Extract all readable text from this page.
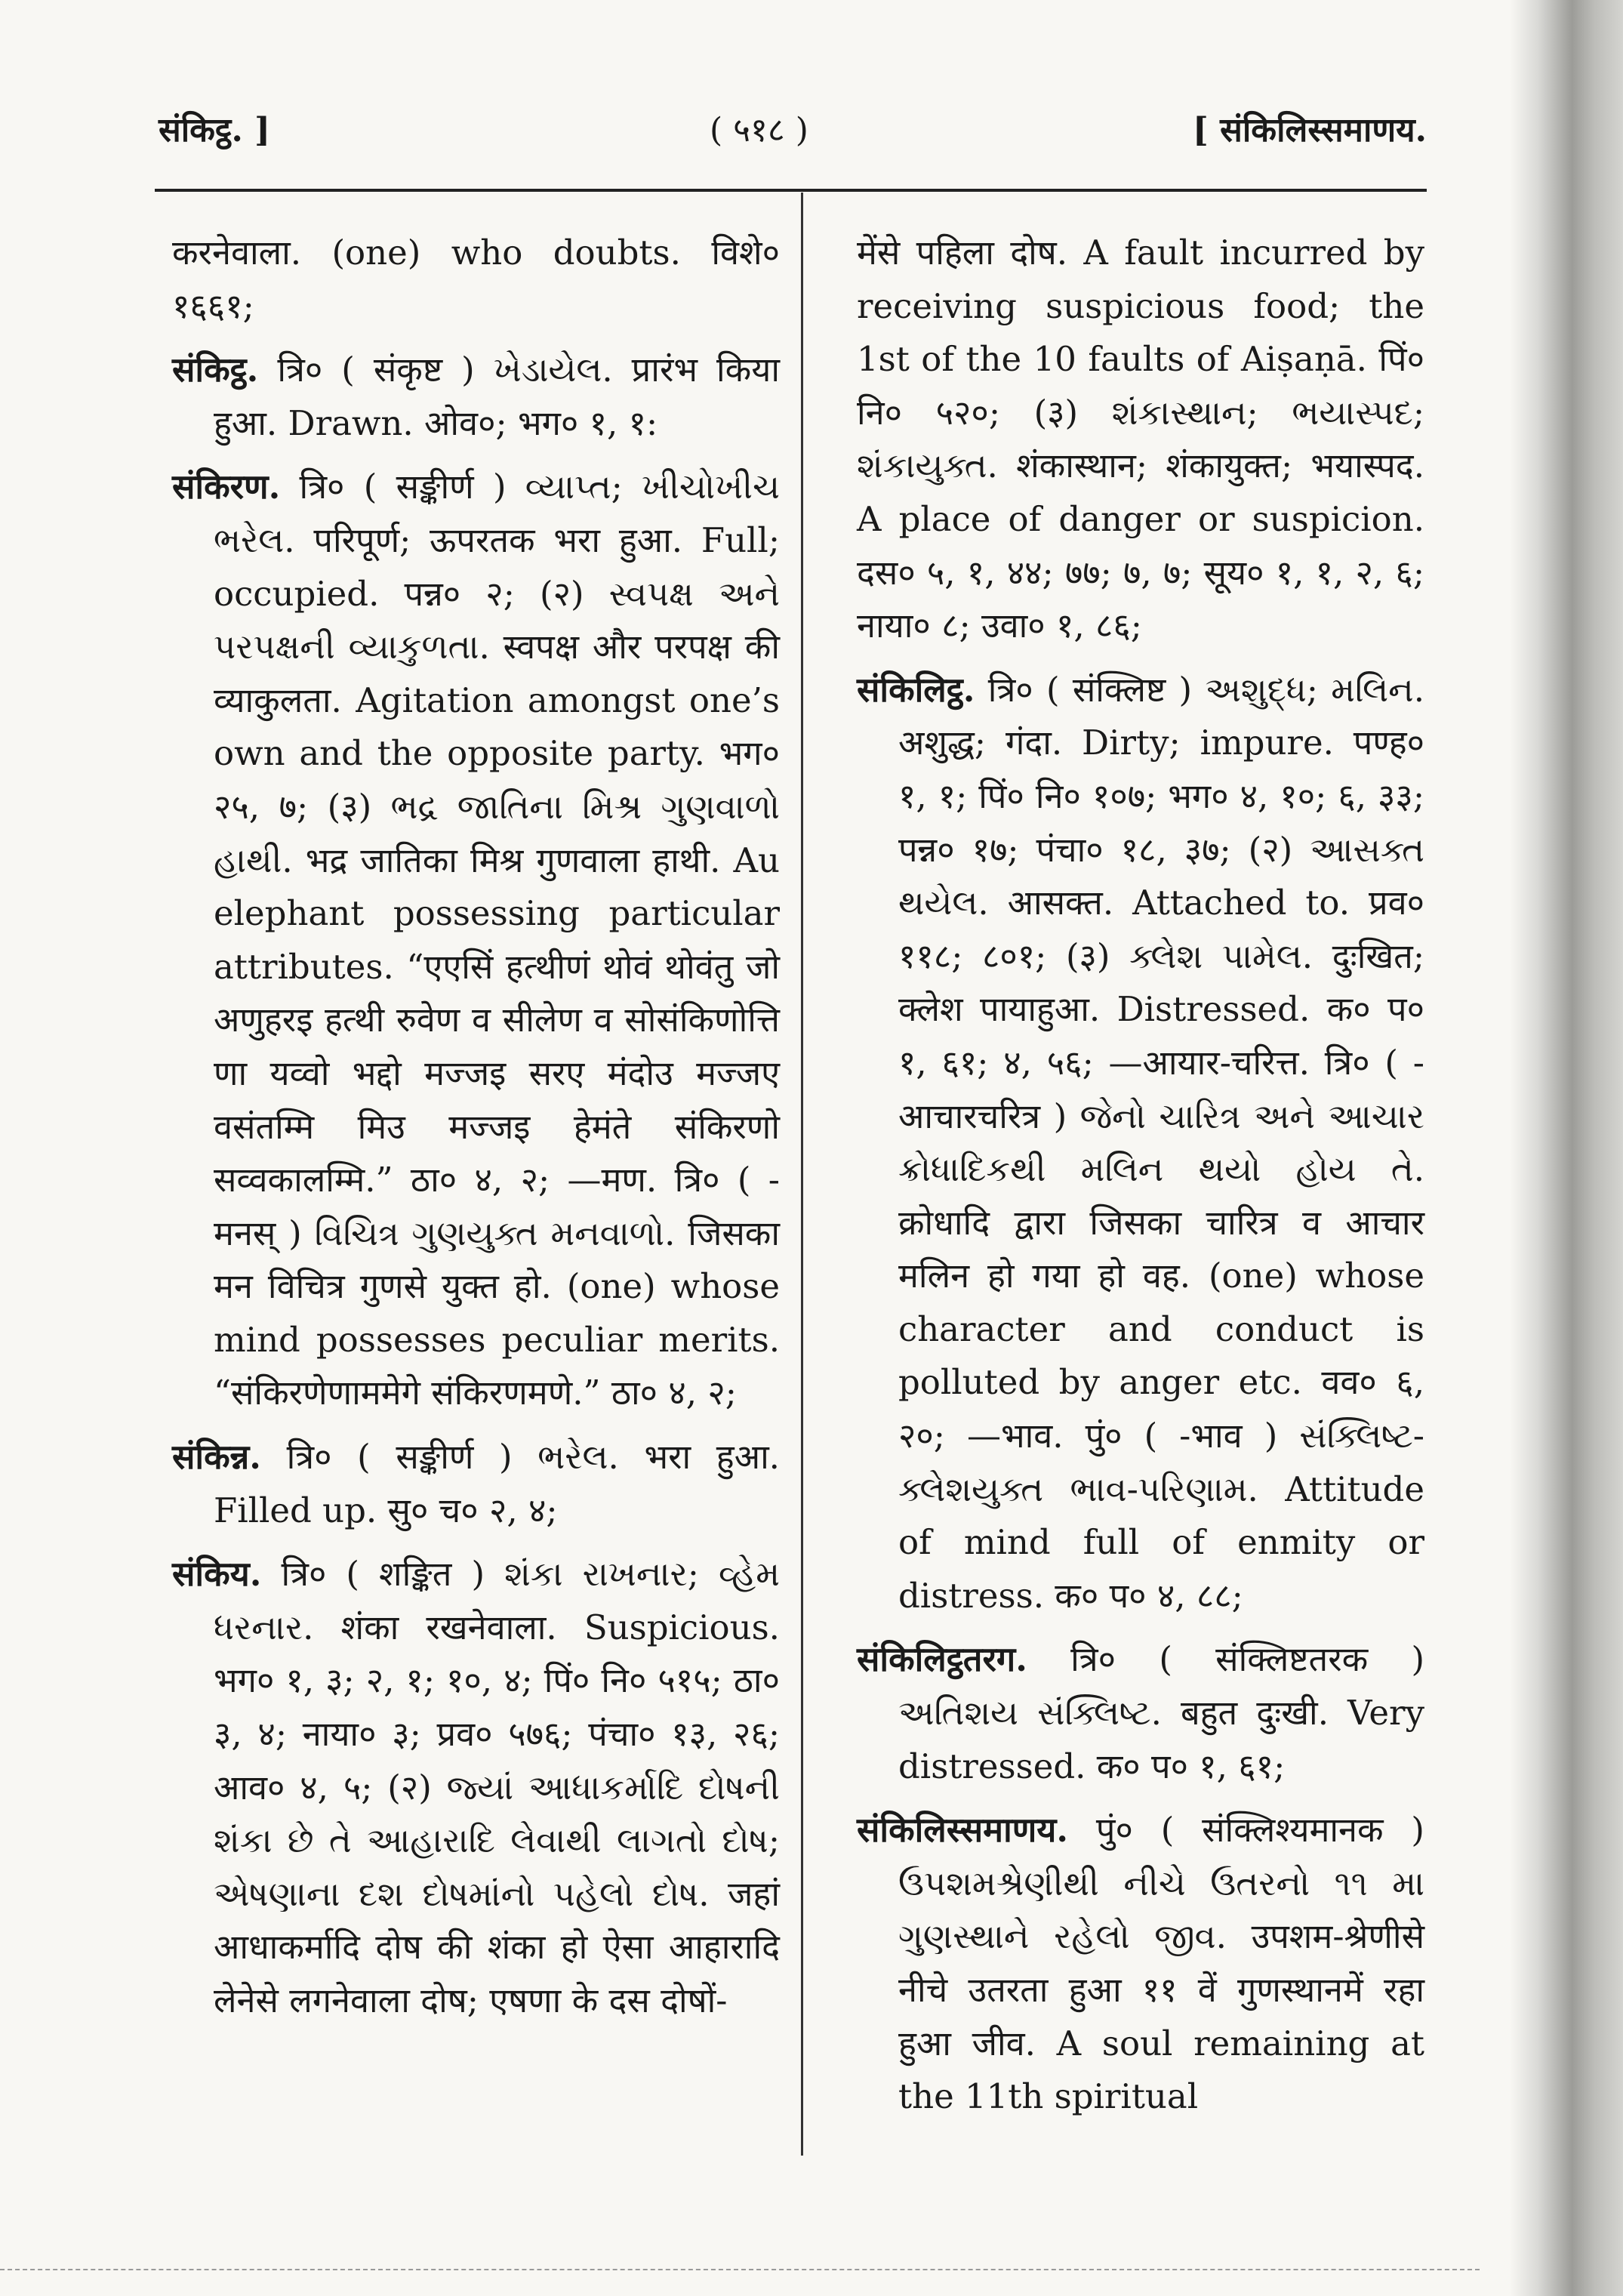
संकिट्ठ. ]	( ५१८ )	[ संकिलिस्समाणय.

करनेवाला. (one) who doubts. विशे० १६६१;

संकिट्ठ. त्रि० ( संकृष्ट ) ખેડાયેલ. प्रारंभ किया हुआ. Drawn. ओव०; भग० १, १:

संकिरण. त्रि० ( सङ्कीर्ण ) વ્યાપ્ત; ખીચોખીચ ભરેલ. परिपूर्ण; ऊपरतक भरा हुआ. Full; occupied. पन्न० २; (२) સ્વપક્ષ અને પરપક્ષની વ્યાકુળતા. स्वपक्ष और परपक्ष की व्याकुलता. Agitation amongst one’s own and the opposite party. भग० २५, ७; (३) ભદ્ર જાતિના મિશ્ર ગુણવાળો હાથી. भद्र जातिका मिश्र गुणवाला हाथी. Au elephant possessing particular attributes. “एएसिं हत्थीणं थोवं थोवंतु जो अणुहरइ हत्थी रुवेण व सीलेण व सोसंकिणोत्ति णा यव्वो भद्दो मज्जइ सरए मंदोउ मज्जए वसंतम्मि मिउ मज्जइ हेमंते संकिरणो सव्वकालम्मि.” ठा० ४, २; —मण. त्रि० ( -मनस् ) વિચિત્ર ગુણયુક્ત મનવાળો. जिसका मन विचित्र गुणसे युक्त हो. (one) whose mind possesses peculiar merits. “संकिरणेणाममेगे संकिरणमणे.” ठा० ४, २;

संकिन्न. त्रि० ( सङ्कीर्ण ) ભરેલ. भरा हुआ. Filled up. सु० च० २, ४;

संकिय. त्रि० ( शङ्कित ) શંકા રાખનાર; વ્હેમ ધરનાર. शंका रखनेवाला. Suspicious. भग० १, ३; २, १; १०, ४; पिं० नि० ५१५; ठा० ३, ४; नाया० ३; प्रव० ५७६; पंचा० १३, २६; आव० ४, ५; (२) જ્યાં આધાકર્માદિ દોષની શંકા છે તે આહારાદિ લેવાથી લાગતો દોષ; એષણાના દશ દોષમાંનો પહેલો દોષ. जहां आधाकर्मादि दोष की शंका हो ऐसा आहारादि लेनेसे लगनेवाला दोष; एषणा के दस दोषों-

मेंसे पहिला दोष. A fault incurred by receiving suspicious food; the 1st of the 10 faults of Aiṣaṇā. पिं० नि० ५२०; (३) શંકાસ્થાન; ભયાસ્પદ; શંકાયુક્ત. शंकास्थान; शंकायुक्त; भयास्पद. A place of danger or suspicion. दस० ५, १, ४४; ७७; ७, ७; सूय० १, १, २, ६; नाया० ८; उवा० १, ८६;

संकिलिट्ठ. त्रि० ( संक्लिष्ट ) અશુદ્ધ; મલિન. अशुद्ध; गंदा. Dirty; impure. पण्ह० १, १; पिं० नि० १०७; भग० ४, १०; ६, ३३; पन्न० १७; पंचा० १८, ३७; (२) આસક્ત થયેલ. आसक्त. Attached to. प्रव० ११८; ८०१; (३) ક્લેશ પામેલ. दुःखित; क्लेश पायाहुआ. Distressed. क० प० १, ६१; ४, ५६; —आयार-चरित्त. त्रि० ( -आचारचरित्र ) જેનો ચારિત્ર અને આચાર ક્રોધાદિકથી મલિન થયો હોય તે. क्रोधादि द्वारा जिसका चारित्र व आचार मलिन हो गया हो वह. (one) whose character and conduct is polluted by anger etc. वव० ६, २०; —भाव. पुं० ( -भाव ) સંક્લિષ્ટ-ક્લેશયુક્ત ભાવ-પરિણામ. Attitude of mind full of enmity or distress. क० प० ४, ८८;

संकिलिट्ठतरग. त्रि० ( संक्लिष्टतरक ) અતિશય સંક્લિષ્ટ. बहुत दुःखी. Very distressed. क० प० १, ६१;

संकिलिस्समाणय. पुं० ( संक्लिश्यमानक ) ઉપશમશ્રેણીથી નીચે ઉતરનો ૧૧ મા ગુણસ્થાને રહેલો જીવ. उपशम-श्रेणीसे नीचे उतरता हुआ ११ वें गुणस्थानमें रहा हुआ जीव. A soul remaining at the 11th spiritual
